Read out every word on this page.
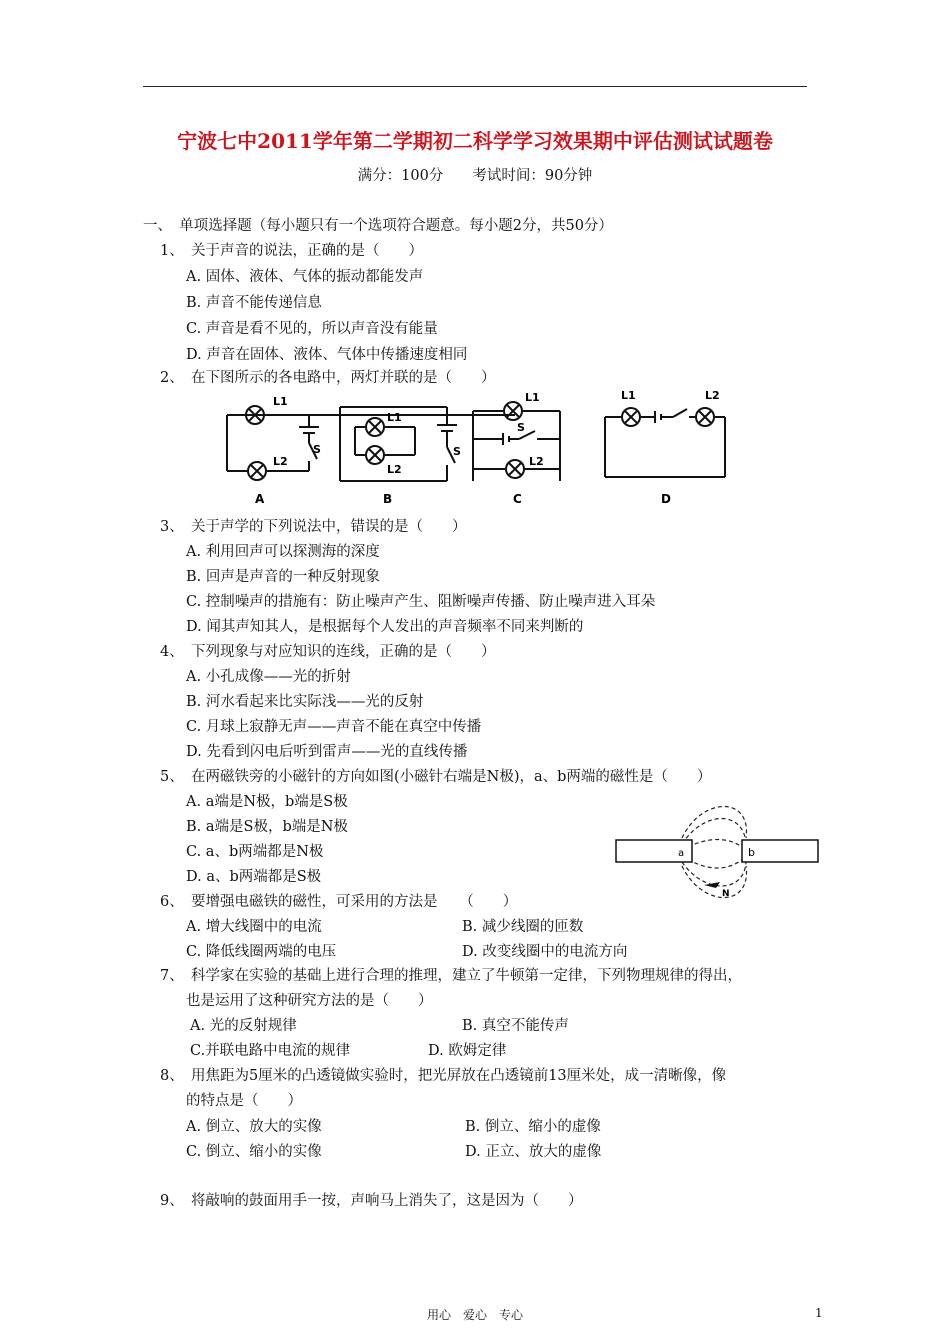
宁波七中2011学年第二学期初二科学学习效果期中评估测试试题卷
满分：100分　　考试时间：90分钟
一、　单项选择题（每小题只有一个选项符合题意。每小题2分，共50分）
1、　关于声音的说法，正确的是（　　）
A. 固体、液体、气体的振动都能发声
B. 声音不能传递信息
C. 声音是看不见的，所以声音没有能量
D. 声音在固体、液体、气体中传播速度相同
2、　在下图所示的各电路中，两灯并联的是（　　）
L1
S
L2
A
L1
L2
S
B
L1
S
L2
C
L1	L2
D
3、　关于声学的下列说法中，错误的是（　　）
A. 利用回声可以探测海的深度
B. 回声是声音的一种反射现象
C. 控制噪声的措施有：防止噪声产生、阻断噪声传播、防止噪声进入耳朵
D. 闻其声知其人，是根据每个人发出的声音频率不同来判断的
4、　下列现象与对应知识的连线，正确的是（　　）
A. 小孔成像——光的折射
B. 河水看起来比实际浅——光的反射
C. 月球上寂静无声——声音不能在真空中传播
D. 先看到闪电后听到雷声——光的直线传播
5、　在两磁铁旁的小磁针的方向如图(小磁针右端是N极)，a、b两端的磁性是（　　）
A. a端是N极，b端是S极
B. a端是S极，b端是N极
C. a、b两端都是N极
D. a、b两端都是S极
a	b
N
6、　要增强电磁铁的磁性，可采用的方法是　　（　　）
A. 增大线圈中的电流	B. 减少线圈的匝数
C. 降低线圈两端的电压	D. 改变线圈中的电流方向
7、　科学家在实验的基础上进行合理的推理，建立了牛顿第一定律，下列物理规律的得出，
也是运用了这种研究方法的是（　　）
A. 光的反射规律	B. 真空不能传声
C.并联电路中电流的规律	D. 欧姆定律
8、　用焦距为5厘米的凸透镜做实验时，把光屏放在凸透镜前13厘米处，成一清晰像，像
的特点是（　　）
A. 倒立、放大的实像	B. 倒立、缩小的虚像
C. 倒立、缩小的实像	D. 正立、放大的虚像
9、　将敲响的鼓面用手一按，声响马上消失了，这是因为（　　）
用心　爱心　专心	1
